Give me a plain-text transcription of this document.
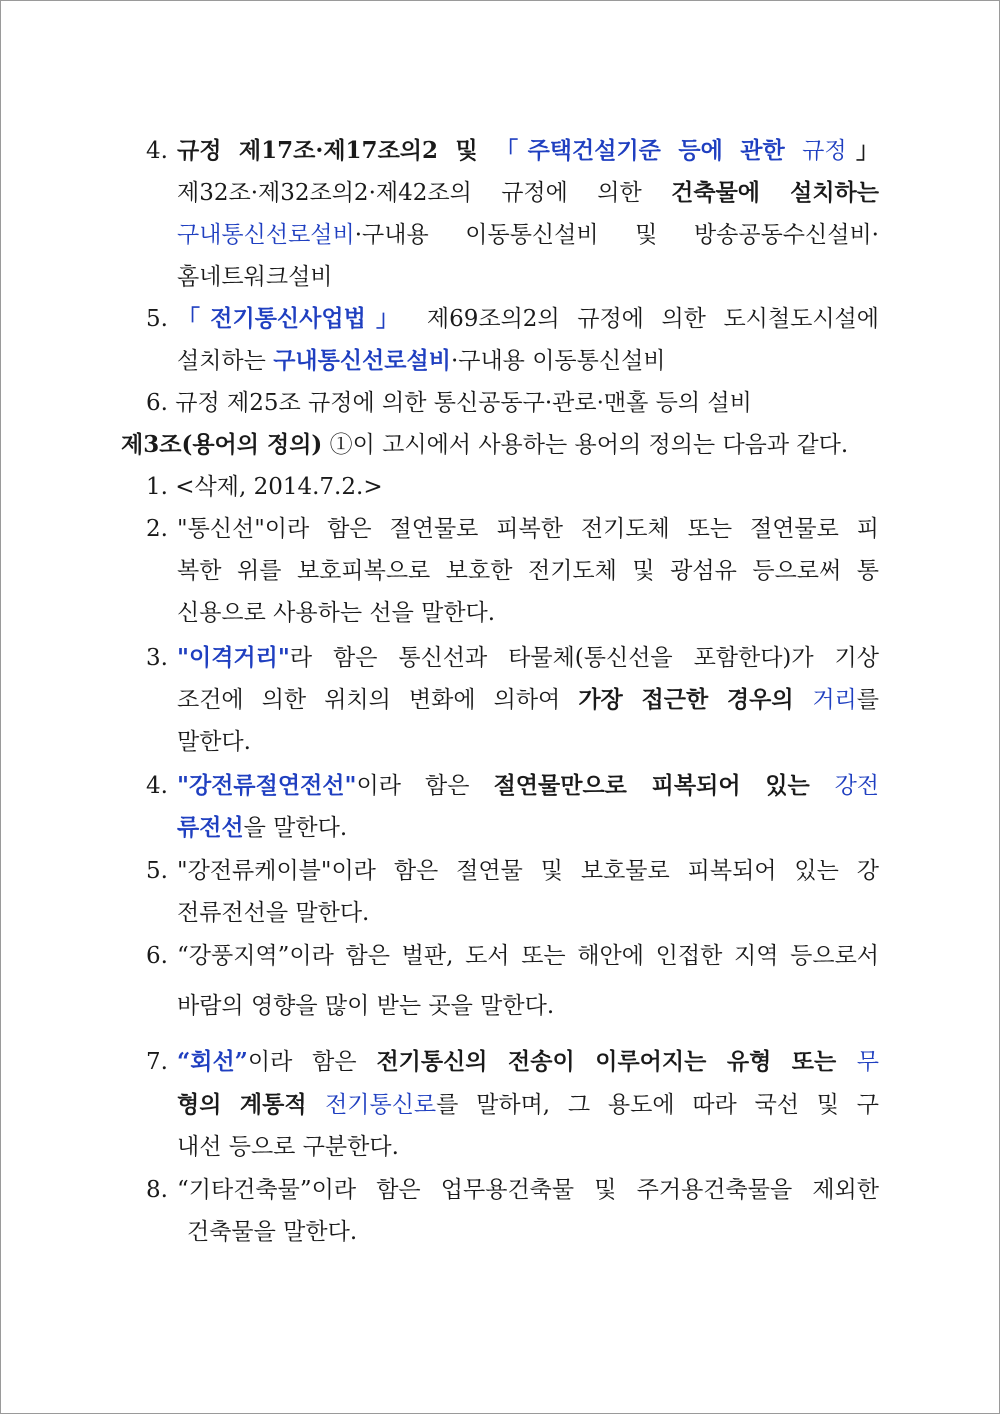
4. 규정 제17조·제17조의2 및 「주택건설기준 등에 관한 규정」
제32조·제32조의2·제42조의 규정에 의한 건축물에 설치하는
구내통신선로설비·구내용 이동통신설비 및 방송공동수신설비·
홈네트워크설비
5. 「전기통신사업법」 제69조의2의 규정에 의한 도시철도시설에
설치하는 구내통신선로설비·구내용 이동통신설비
6. 규정 제25조 규정에 의한 통신공동구·관로·맨홀 등의 설비
제3조(용어의 정의) ①이 고시에서 사용하는 용어의 정의는 다음과 같다.
1. <삭제, 2014.7.2.>
2. "통신선"이라 함은 절연물로 피복한 전기도체 또는 절연물로 피
복한 위를 보호피복으로 보호한 전기도체 및 광섬유 등으로써 통
신용으로 사용하는 선을 말한다.
3. "이격거리"라 함은 통신선과 타물체(통신선을 포함한다)가 기상
조건에 의한 위치의 변화에 의하여 가장 접근한 경우의 거리를
말한다.
4. "강전류절연전선"이라 함은 절연물만으로 피복되어 있는 강전
류전선을 말한다.
5. "강전류케이블"이라 함은 절연물 및 보호물로 피복되어 있는 강
전류전선을 말한다.
6. “강풍지역”이라 함은 벌판, 도서 또는 해안에 인접한 지역 등으로서
바람의 영향을 많이 받는 곳을 말한다.
7. “회선”이라 함은 전기통신의 전송이 이루어지는 유형 또는 무
형의 계통적 전기통신로를 말하며, 그 용도에 따라 국선 및 구
내선 등으로 구분한다.
8. “기타건축물”이라 함은 업무용건축물 및 주거용건축물을 제외한
건축물을 말한다.
